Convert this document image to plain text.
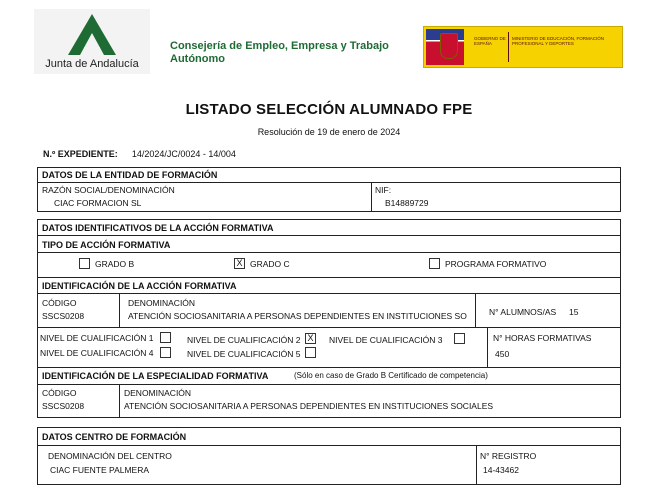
Junta de Andalucía
Consejería de Empleo, Empresa y Trabajo
Autónomo
GOBIERNO DE ESPAÑA
MINISTERIO DE EDUCACIÓN, FORMACIÓN PROFESIONAL Y DEPORTES
LISTADO SELECCIÓN ALUMNADO FPE
Resolución de 19 de enero de 2024
N.º EXPEDIENTE: 14/2024/JC/0024 - 14/004
DATOS DE LA ENTIDAD DE FORMACIÓN
RAZÓN SOCIAL/DENOMINACIÓN
CIAC FORMACION SL
NIF:
B14889729
DATOS IDENTIFICATIVOS DE LA ACCIÓN FORMATIVA
TIPO DE ACCIÓN FORMATIVA
GRADO B	X GRADO C	PROGRAMA FORMATIVO
IDENTIFICACIÓN DE LA ACCIÓN FORMATIVA
CÓDIGO
SSCS0208
DENOMINACIÓN
ATENCIÓN SOCIOSANITARIA A PERSONAS DEPENDIENTES EN INSTITUCIONES SO	N° ALUMNOS/AS 15
NIVEL DE CUALIFICACIÓN 1	NIVEL DE CUALIFICACIÓN 2 X NIVEL DE CUALIFICACIÓN 3
NIVEL DE CUALIFICACIÓN 4	NIVEL DE CUALIFICACIÓN 5
N° HORAS FORMATIVAS
450
IDENTIFICACIÓN DE LA ESPECIALIDAD FORMATIVA	(Sólo en caso de Grado B Certificado de competencia)
CÓDIGO
SSCS0208
DENOMINACIÓN
ATENCIÓN SOCIOSANITARIA A PERSONAS DEPENDIENTES EN INSTITUCIONES SOCIALES
DATOS CENTRO DE FORMACIÓN
DENOMINACIÓN DEL CENTRO
CIAC FUENTE PALMERA
N° REGISTRO
14-43462
